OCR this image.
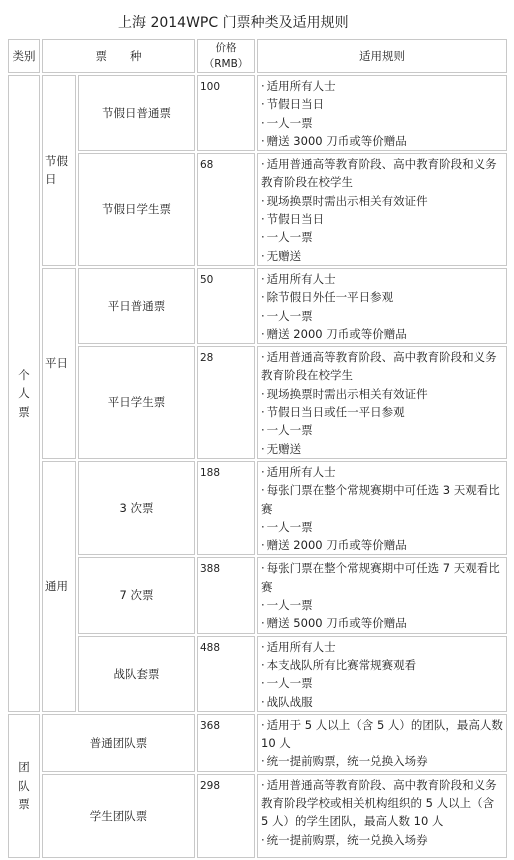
上海 2014WPC 门票种类及适用规则
类别	票　　种		价格（RMB）	适用规则
个人票	节假日	节假日普通票	100	· 适用所有人士
· 节假日当日
· 一人一票
· 赠送 3000 刀币或等价赠品

		节假日学生票	68	· 适用普通高等教育阶段、高中教育阶段和义务教育阶段在校学生
· 现场换票时需出示相关有效证件
· 节假日当日
· 一人一票
· 无赠送

	平日	平日普通票	50	· 适用所有人士
· 除节假日外任一平日参观
· 一人一票
· 赠送 2000 刀币或等价赠品

		平日学生票	28	· 适用普通高等教育阶段、高中教育阶段和义务教育阶段在校学生
· 现场换票时需出示相关有效证件
· 节假日当日或任一平日参观
· 一人一票
· 无赠送

	通用	3 次票	188	· 适用所有人士
· 每张门票在整个常规赛期中可任选 3 天观看比赛
· 一人一票
· 赠送 2000 刀币或等价赠品

		7 次票	388	· 每张门票在整个常规赛期中可任选 7 天观看比赛
· 一人一票
· 赠送 5000 刀币或等价赠品

		战队套票	488	· 适用所有人士
· 本支战队所有比赛常规赛观看
· 一人一票
· 战队战服

团队票	普通团队票		368	· 适用于 5 人以上（含 5 人）的团队，最高人数 10 人
· 统一提前购票，统一兑换入场券

	学生团队票		298	· 适用普通高等教育阶段、高中教育阶段和义务教育阶段学校或相关机构组织的 5 人以上（含 5 人）的学生团队，最高人数 10 人
· 统一提前购票，统一兑换入场券
